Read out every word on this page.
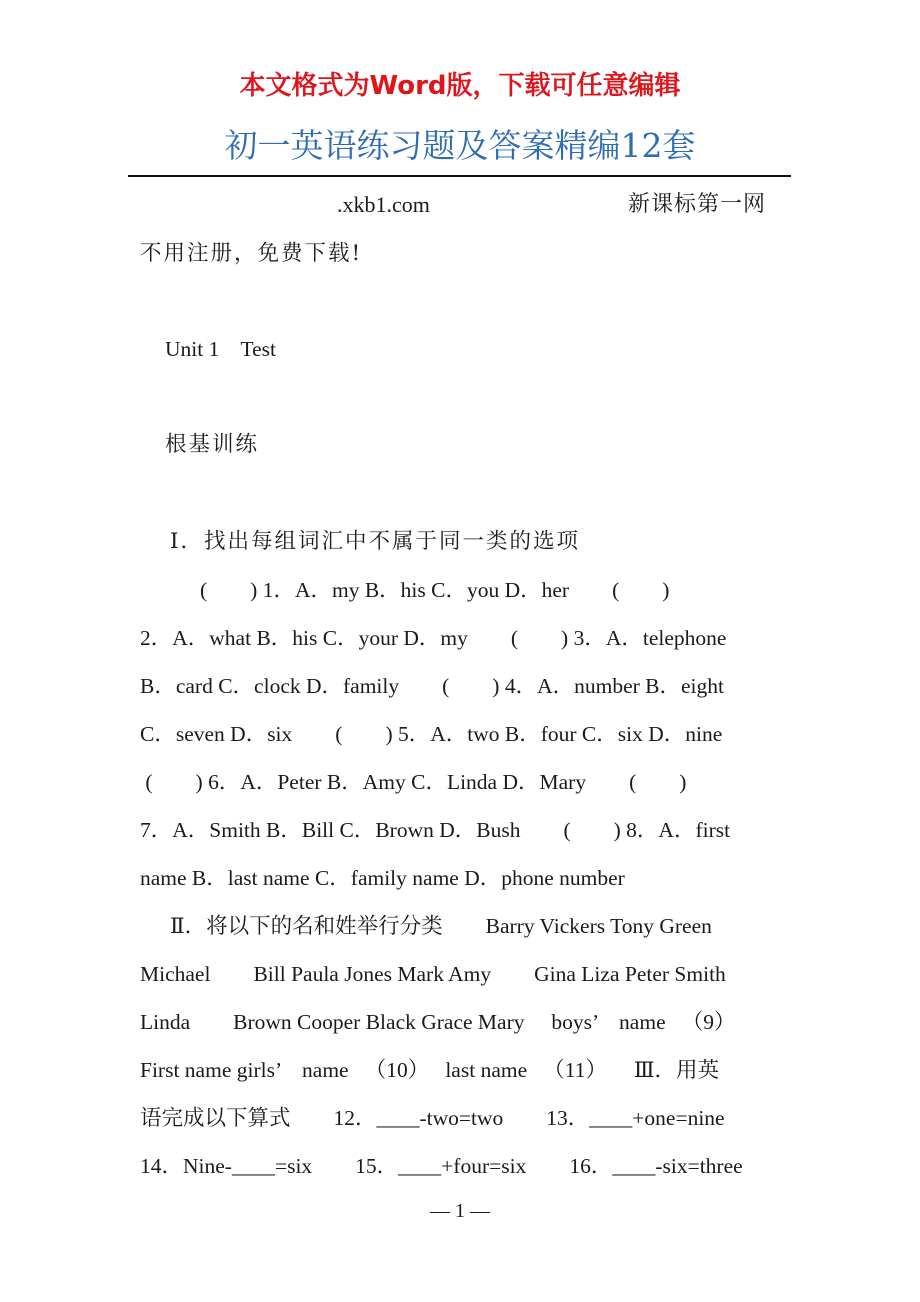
本文格式为Word版，下载可任意编辑
初一英语练习题及答案精编12套
.xkb1.com	新课标第一网
不用注册，免费下载!
Unit 1    Test
根基训练
Ⅰ．找出每组词汇中不属于同一类的选项
(        ) 1．A．my B．his C．you D．her        (        )
2．A．what B．his C．your D．my        (        ) 3．A．telephone
B．card C．clock D．family        (        ) 4．A．number B．eight
C．seven D．six        (        ) 5．A．two B．four C．six D．nine
(        ) 6．A．Peter B．Amy C．Linda D．Mary        (        )
7．A．Smith B．Bill C．Brown D．Bush        (        ) 8．A．first
name B．last name C．family name D．phone number
Ⅱ．将以下的名和姓举行分类        Barry Vickers Tony Green
Michael        Bill Paula Jones Mark Amy        Gina Liza Peter Smith
Linda        Brown Cooper Black Grace Mary     boys’    name   （9）
First name girls’    name   （10）   last name   （11）     Ⅲ．用英
语完成以下算式        12．____-two=two        13．____+one=nine
14．Nine-____=six        15．____+four=six        16．____-six=three
— 1 —
